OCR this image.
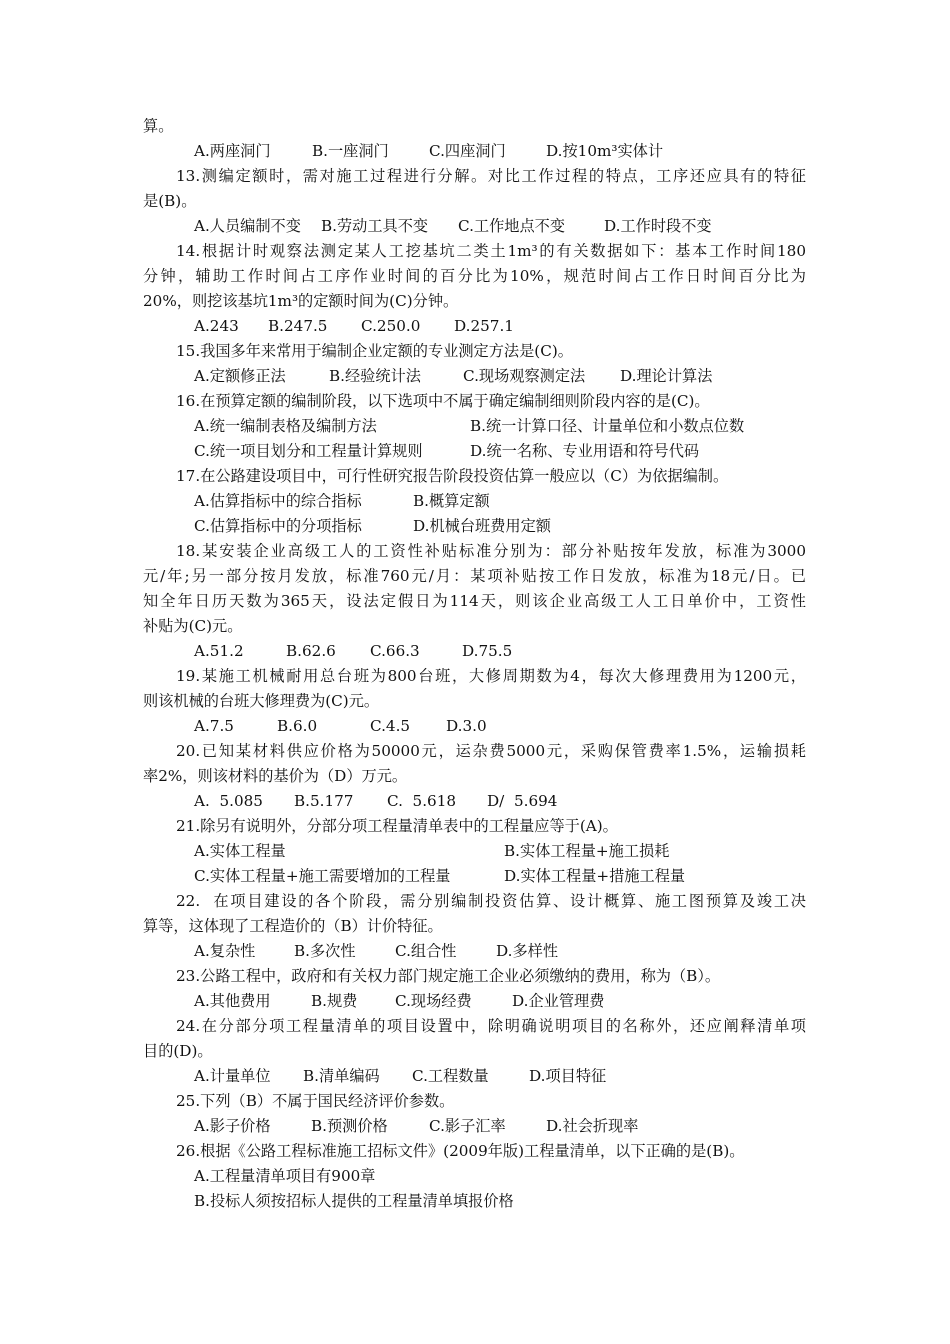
算。
A.两座洞门	B.一座洞门	C.四座洞门	D.按10m³实体计
13.测编定额时，需对施工过程进行分解。对比工作过程的特点，工序还应具有的特征
是(B)。
A.人员编制不变 B.劳动工具不变 C.工作地点不变	D.工作时段不变
14.根据计时观察法测定某人工挖基坑二类土1m³的有关数据如下：基本工作时间180
分钟，辅助工作时间占工序作业时间的百分比为10%，规范时间占工作日时间百分比为
20%，则挖该基坑1m³的定额时间为(C)分钟。
A.243 B.247.5 C.250.0 D.257.1
15.我国多年来常用于编制企业定额的专业测定方法是(C)。
A.定额修正法	B.经验统计法	C.现场观察测定法 D.理论计算法
16.在预算定额的编制阶段，以下选项中不属于确定编制细则阶段内容的是(C)。
A.统一编制表格及编制方法	B.统一计算口径、计量单位和小数点位数
C.统一项目划分和工程量计算规则	D.统一名称、专业用语和符号代码
17.在公路建设项目中，可行性研究报告阶段投资估算一般应以（C）为依据编制。
A.估算指标中的综合指标	B.概算定额
C.估算指标中的分项指标	D.机械台班费用定额
18.某安装企业高级工人的工资性补贴标准分别为：部分补贴按年发放，标准为3000
元/年;另一部分按月发放，标准760元/月：某项补贴按工作日发放，标准为18元/日。已
知全年日历天数为365天，设法定假日为114天，则该企业高级工人工日单价中，工资性
补贴为(C)元。
A.51.2	B.62.6 C.66.3	D.75.5
19.某施工机械耐用总台班为800台班，大修周期数为4，每次大修理费用为1200元，
则该机械的台班大修理费为(C)元。
A.7.5	B.6.0	C.4.5 D.3.0
20.已知某材料供应价格为50000元，运杂费5000元，采购保管费率1.5%，运输损耗
率2%，则该材料的基价为（D）万元。
A.  5.085 B.5.177 C.  5.618 D/  5.694
21.除另有说明外，分部分项工程量清单表中的工程量应等于(A)。
A.实体工程量	B.实体工程量+施工损耗
C.实体工程量+施工需要增加的工程量	D.实体工程量+措施工程量
22.  在项目建设的各个阶段，需分别编制投资估算、设计概算、施工图预算及竣工决
算等，这体现了工程造价的（B）计价特征。
A.复杂性	B.多次性	C.组合性	D.多样性
23.公路工程中，政府和有关权力部门规定施工企业必须缴纳的费用，称为（B）。
A.其他费用	B.规费 C.现场经费	D.企业管理费
24.在分部分项工程量清单的项目设置中，除明确说明项目的名称外，还应阐释清单项
目的(D)。
A.计量单位 B.清单编码 C.工程数量	D.项目特征
25.下列（B）不属于国民经济评价参数。
A.影子价格	B.预测价格	C.影子汇率	D.社会折现率
26.根据《公路工程标准施工招标文件》(2009年版)工程量清单，以下正确的是(B)。
A.工程量清单项目有900章
B.投标人须按招标人提供的工程量清单填报价格
